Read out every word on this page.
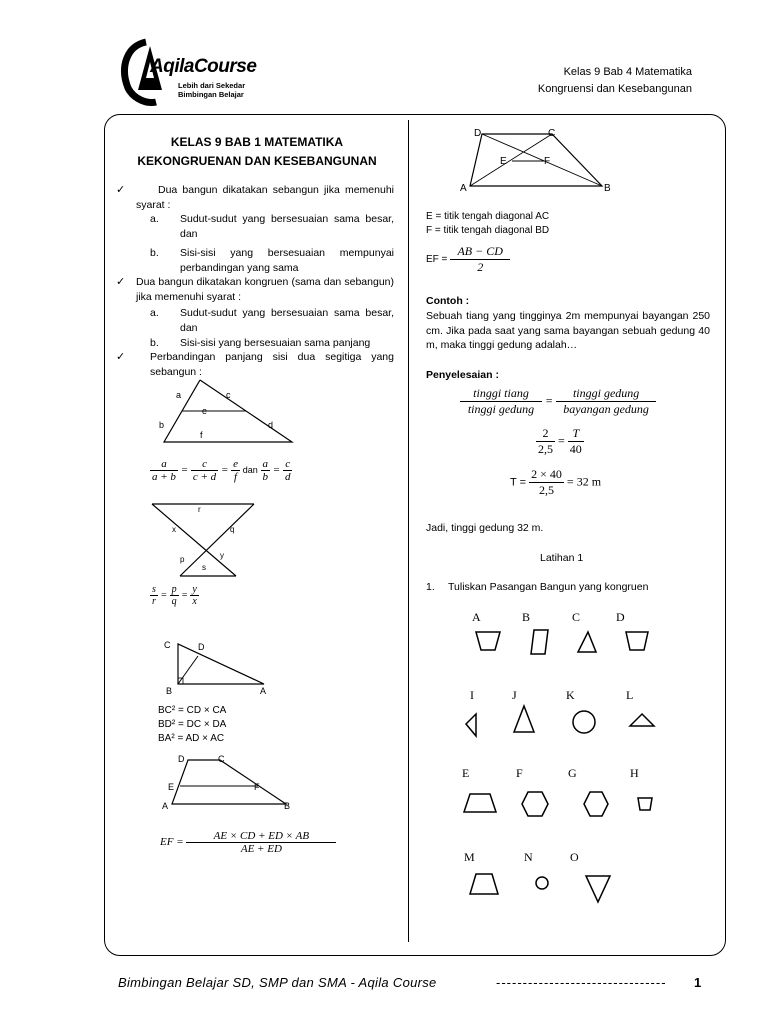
AqilaCourse
Lebih dari Sekedar
Bimbingan Belajar
Kelas 9 Bab 4 Matematika
Kongruensi dan Kesebangunan
KELAS 9 BAB 1 MATEMATIKA
KEKONGRUENAN DAN KESEBANGUNAN
✓	Dua bangun dikatakan sebangun jika memenuhi syarat :
a. Sudut-sudut yang bersesuaian sama besar, dan
b. Sisi-sisi yang bersesuaian mempunyai perbandingan yang sama
✓ Dua bangun dikatakan kongruen (sama dan sebangun) jika memenuhi syarat :
a. Sudut-sudut yang bersesuaian sama besar, dan
b. Sisi-sisi yang bersesuaian sama panjang
✓ Perbandingan panjang sisi dua segitiga yang sebangun :
a	c
e
b	d
f
$\frac{a}{a + b} = \frac{c}{c + d} = \frac{e}{f}$ dan $\frac{a}{b} = \frac{c}{d}$
r
x	q
p	y
s
$\frac{s}{r} = \frac{p}{q} = \frac{y}{x}$
C	D
B	A
BC² = CD × CA
BD² = DC × DA
BA² = AD × AC
D	C
E	F
A	B
EF = $\frac{AE \times CD + ED \times AB}{AE + ED}$
D	C
E	F
A	B
E = titik tengah diagonal AC
F = titik tengah diagonal BD
EF = $\frac{AB - CD}{2}$
Contoh :
Sebuah tiang yang tingginya 2m mempunyai bayangan 250 cm. Jika pada saat yang sama bayangan sebuah gedung 40 m, maka tinggi gedung adalah…
Penyelesaian :
$\frac{\text{tinggi tiang}}{\text{tinggi gedung}} = \frac{\text{tinggi gedung}}{\text{bayangan gedung}}$
$\frac{2}{2,5} = \frac{T}{40}$
$T = \frac{2 \times 40}{2,5} = 32$ m
Jadi, tinggi gedung 32 m.
Latihan 1
1. Tuliskan Pasangan Bangun yang kongruen
A	B	C	D
I	J	K	L
E	F	G	H
M	N	O
Bimbingan Belajar SD, SMP dan SMA - Aqila Course	-------------------------------- 1
